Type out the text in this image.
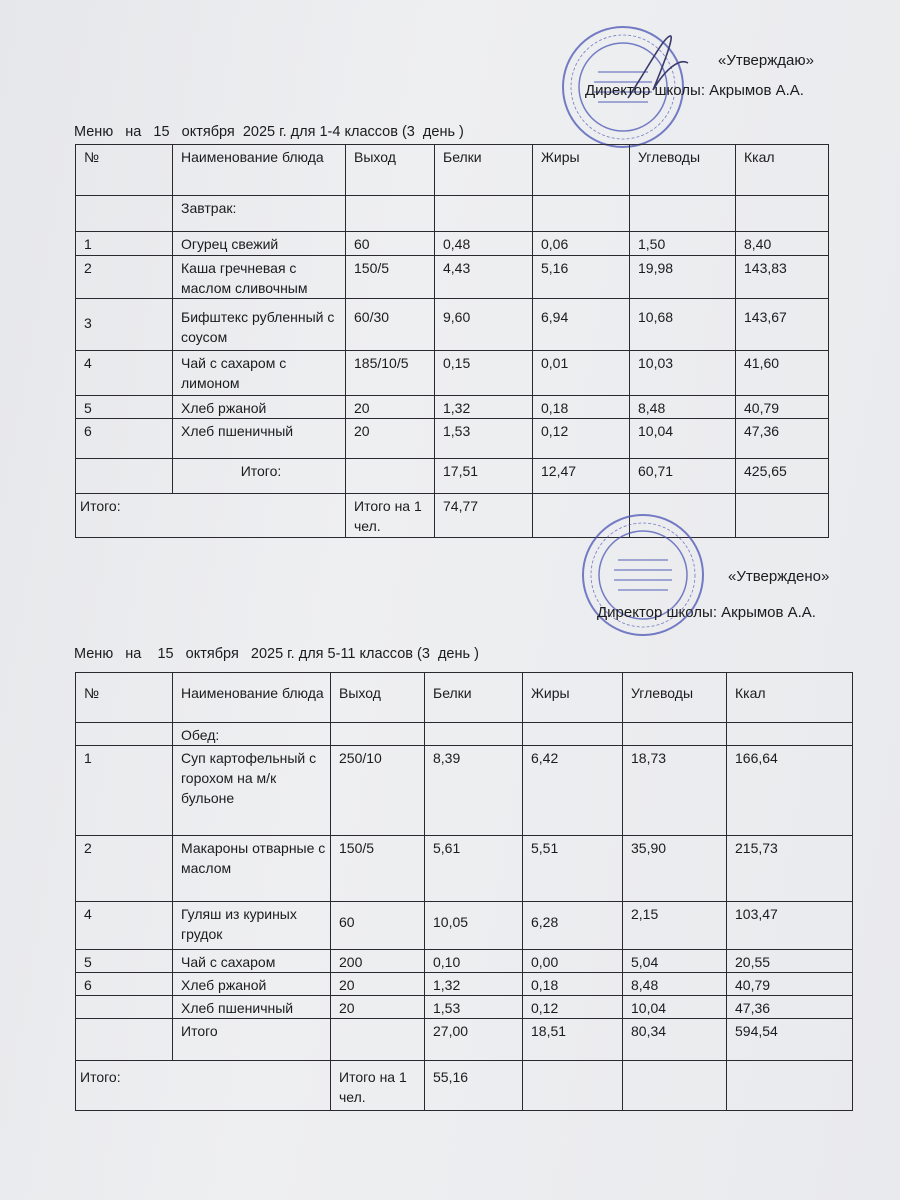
«Утверждаю»
Директор школы: Акрымов А.А.
Меню   на   15   октября  2025 г. для 1-4 классов (3  день )
№	Наименование блюда	Выход	Белки	Жиры	Углеводы	Ккал
	Завтрак:					
1	Огурец свежий	60	0,48	0,06	1,50	8,40
2	Каша гречневая с маслом сливочным	150/5	4,43	5,16	19,98	143,83
3	Бифштекс рубленный с соусом	60/30	9,60	6,94	10,68	143,67
4	Чай с сахаром с лимоном	185/10/5	0,15	0,01	10,03	41,60
5	Хлеб ржаной	20	1,32	0,18	8,48	40,79
6	Хлеб пшеничный	20	1,53	0,12	10,04	47,36
	Итого:		17,51	12,47	60,71	425,65
Итого:		Итого на 1 чел.	74,77			
«Утверждено»
Директор школы: Акрымов А.А.
Меню   на    15   октября   2025 г. для 5-11 классов (3  день )
№	Наименование блюда	Выход	Белки	Жиры	Углеводы	Ккал
	Обед:					
1	Суп картофельный с горохом на м/к бульоне	250/10	8,39	6,42	18,73	166,64
2	Макароны отварные с маслом	150/5	5,61	5,51	35,90	215,73
4	Гуляш из куриных грудок	60	10,05	6,28	2,15	103,47
5	Чай с сахаром	200	0,10	0,00	5,04	20,55
6	Хлеб ржаной	20	1,32	0,18	8,48	40,79
	Хлеб пшеничный	20	1,53	0,12	10,04	47,36
	Итого		27,00	18,51	80,34	594,54
Итого:		Итого на 1 чел.	55,16			
